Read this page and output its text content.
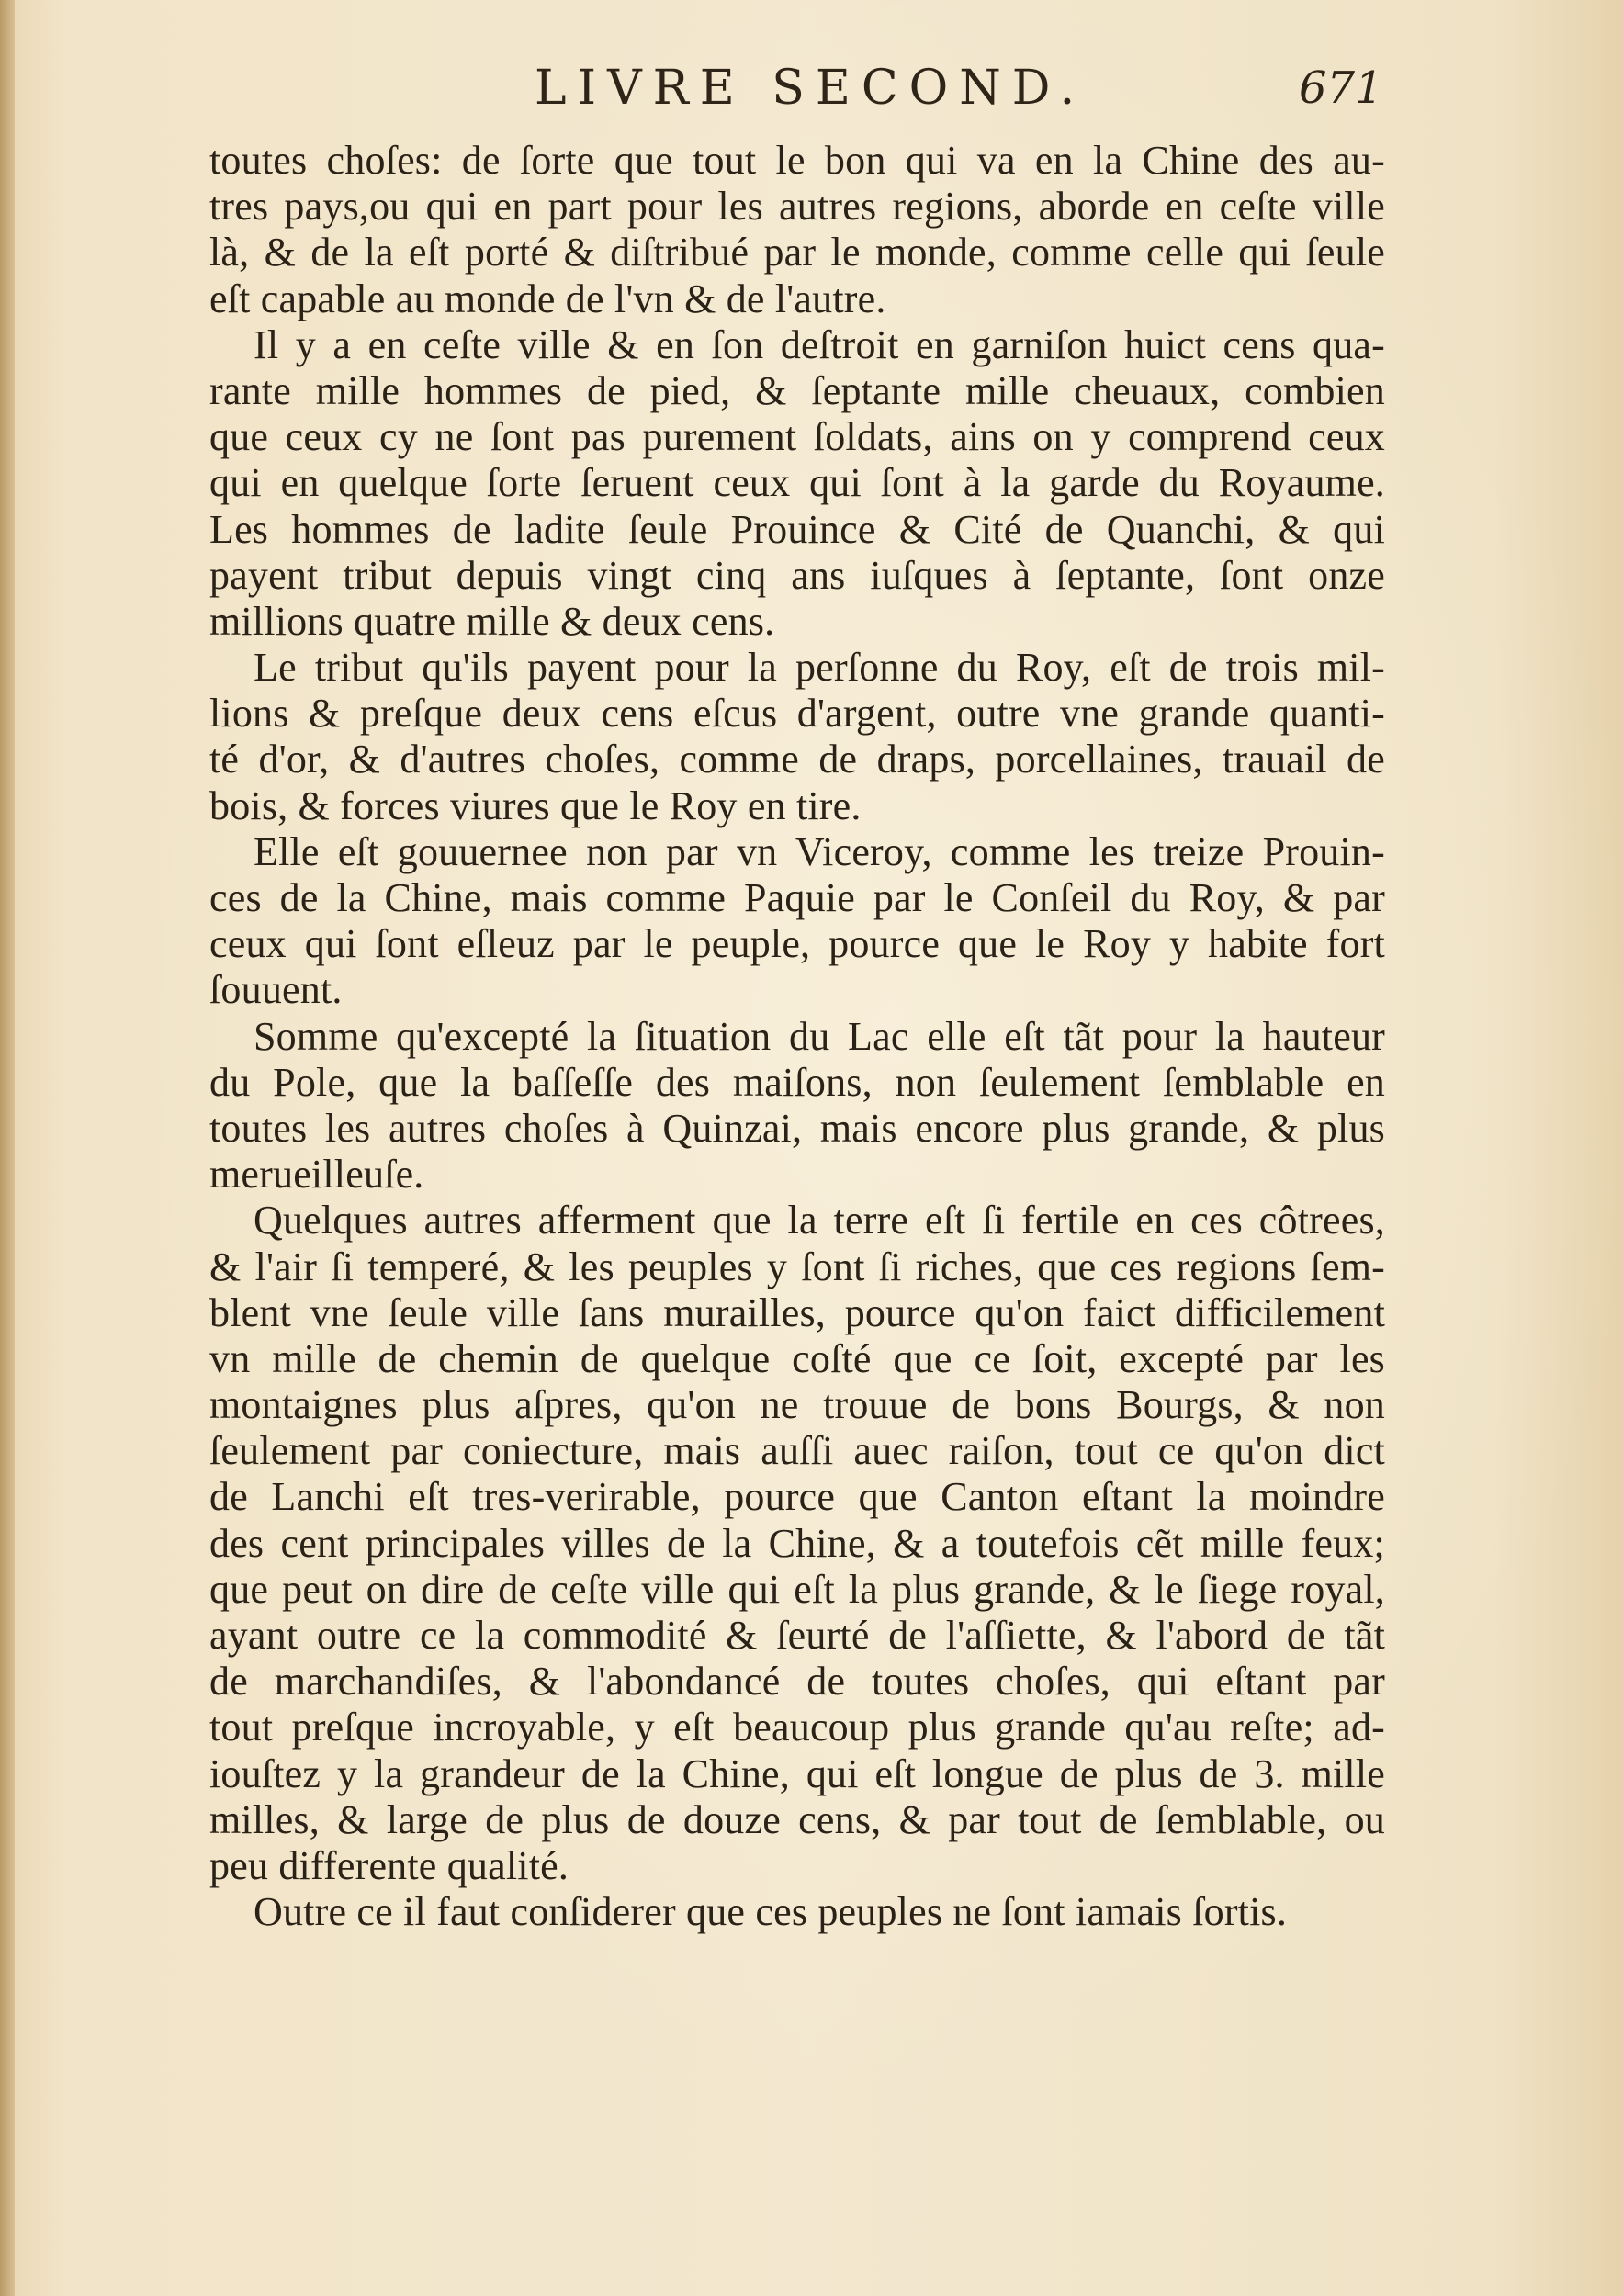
LIVRE SECOND.	671
toutes choſes: de ſorte que tout le bon qui va en la Chine des au-
tres pays,ou qui en part pour les autres regions, aborde en ceſte ville
là, & de la eſt porté & diſtribué par le monde, comme celle qui ſeule
eſt capable au monde de l'vn & de l'autre.
Il y a en ceſte ville & en ſon deſtroit en garniſon huict cens qua-
rante mille hommes de pied, & ſeptante mille cheuaux, combien
que ceux cy ne ſont pas purement ſoldats, ains on y comprend ceux
qui en quelque ſorte ſeruent ceux qui ſont à la garde du Royaume.
Les hommes de ladite ſeule Prouince & Cité de Quanchi, & qui
payent tribut depuis vingt cinq ans iuſques à ſeptante, ſont onze
millions quatre mille & deux cens.
Le tribut qu'ils payent pour la perſonne du Roy, eſt de trois mil-
lions & preſque deux cens eſcus d'argent, outre vne grande quanti-
té d'or, & d'autres choſes, comme de draps, porcellaines, trauail de
bois, & forces viures que le Roy en tire.
Elle eſt gouuernee non par vn Viceroy, comme les treize Prouin-
ces de la Chine, mais comme Paquie par le Conſeil du Roy, & par
ceux qui ſont eſleuz par le peuple, pource que le Roy y habite fort
ſouuent.
Somme qu'excepté la ſituation du Lac elle eſt tãt pour la hauteur
du Pole, que la baſſeſſe des maiſons, non ſeulement ſemblable en
toutes les autres choſes à Quinzai, mais encore plus grande, & plus
merueilleuſe.
Quelques autres afferment que la terre eſt ſi fertile en ces côtrees,
& l'air ſi temperé, & les peuples y ſont ſi riches, que ces regions ſem-
blent vne ſeule ville ſans murailles, pource qu'on faict difficilement
vn mille de chemin de quelque coſté que ce ſoit, excepté par les
montaignes plus aſpres, qu'on ne trouue de bons Bourgs, & non
ſeulement par coniecture, mais auſſi auec raiſon, tout ce qu'on dict
de Lanchi eſt tres-verirable, pource que Canton eſtant la moindre
des cent principales villes de la Chine, & a toutefois cẽt mille feux;
que peut on dire de ceſte ville qui eſt la plus grande, & le ſiege royal,
ayant outre ce la commodité & ſeurté de l'aſſiette, & l'abord de tãt
de marchandiſes, & l'abondancé de toutes choſes, qui eſtant par
tout preſque incroyable, y eſt beaucoup plus grande qu'au reſte; ad-
iouſtez y la grandeur de la Chine, qui eſt longue de plus de 3. mille
milles, & large de plus de douze cens, & par tout de ſemblable, ou
peu differente qualité.
Outre ce il faut conſiderer que ces peuples ne ſont iamais ſortis.
